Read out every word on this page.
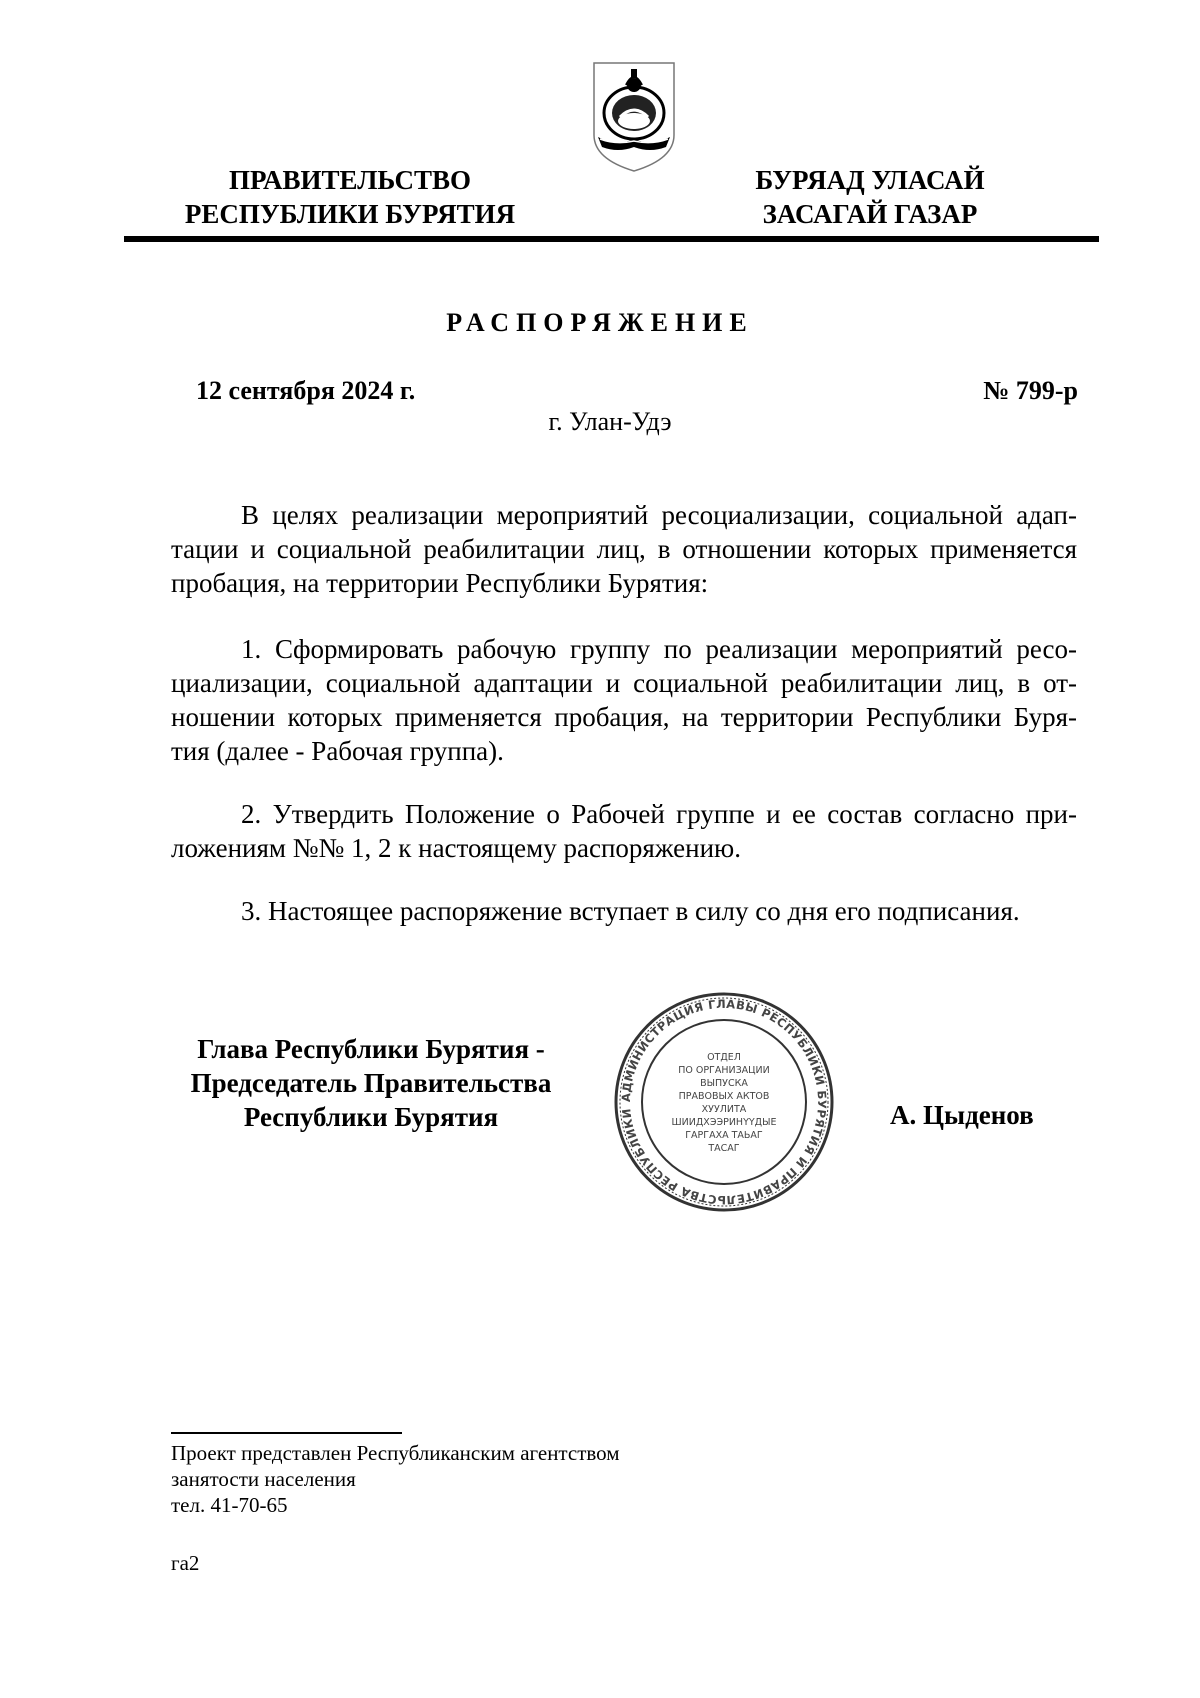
ПРАВИТЕЛЬСТВО
РЕСПУБЛИКИ БУРЯТИЯ
БУРЯАД УЛАСАЙ
ЗАСАГАЙ ГАЗАР
РАСПОРЯЖЕНИЕ
12 сентября 2024 г.	№ 799-р
г. Улан-Удэ
В целях реализации мероприятий ресоциализации, социальной адап-
тации и социальной реабилитации лиц, в отношении которых применяется
пробация, на территории Республики Бурятия:
1. Сформировать рабочую группу по реализации мероприятий ресо-
циализации, социальной адаптации и социальной реабилитации лиц, в от-
ношении которых применяется пробация, на территории Республики Буря-
тия (далее - Рабочая группа).
2. Утвердить Положение о Рабочей группе и ее состав согласно при-
ложениям №№ 1, 2 к настоящему распоряжению.
3. Настоящее распоряжение вступает в силу со дня его подписания.
Глава Республики Бурятия -
Председатель Правительства
Республики Бурятия
АДМИНИСТРАЦИЯ ГЛАВЫ РЕСПУБЛИКИ БУРЯТИЯ И ПРАВИТЕЛЬСТВА РЕСПУБЛИКИ
ОТДЕЛ
ПО ОРГАНИЗАЦИИ
ВЫПУСКА
ПРАВОВЫХ АКТОВ
ХУУЛИТА
ШИИДХЭЭРИНҮҮДЫЕ
ГАРГАХА ТАЬАГ
ТАСАГ
А. Цыденов
Проект представлен Республиканским агентством
занятости населения
тел. 41-70-65
га2
